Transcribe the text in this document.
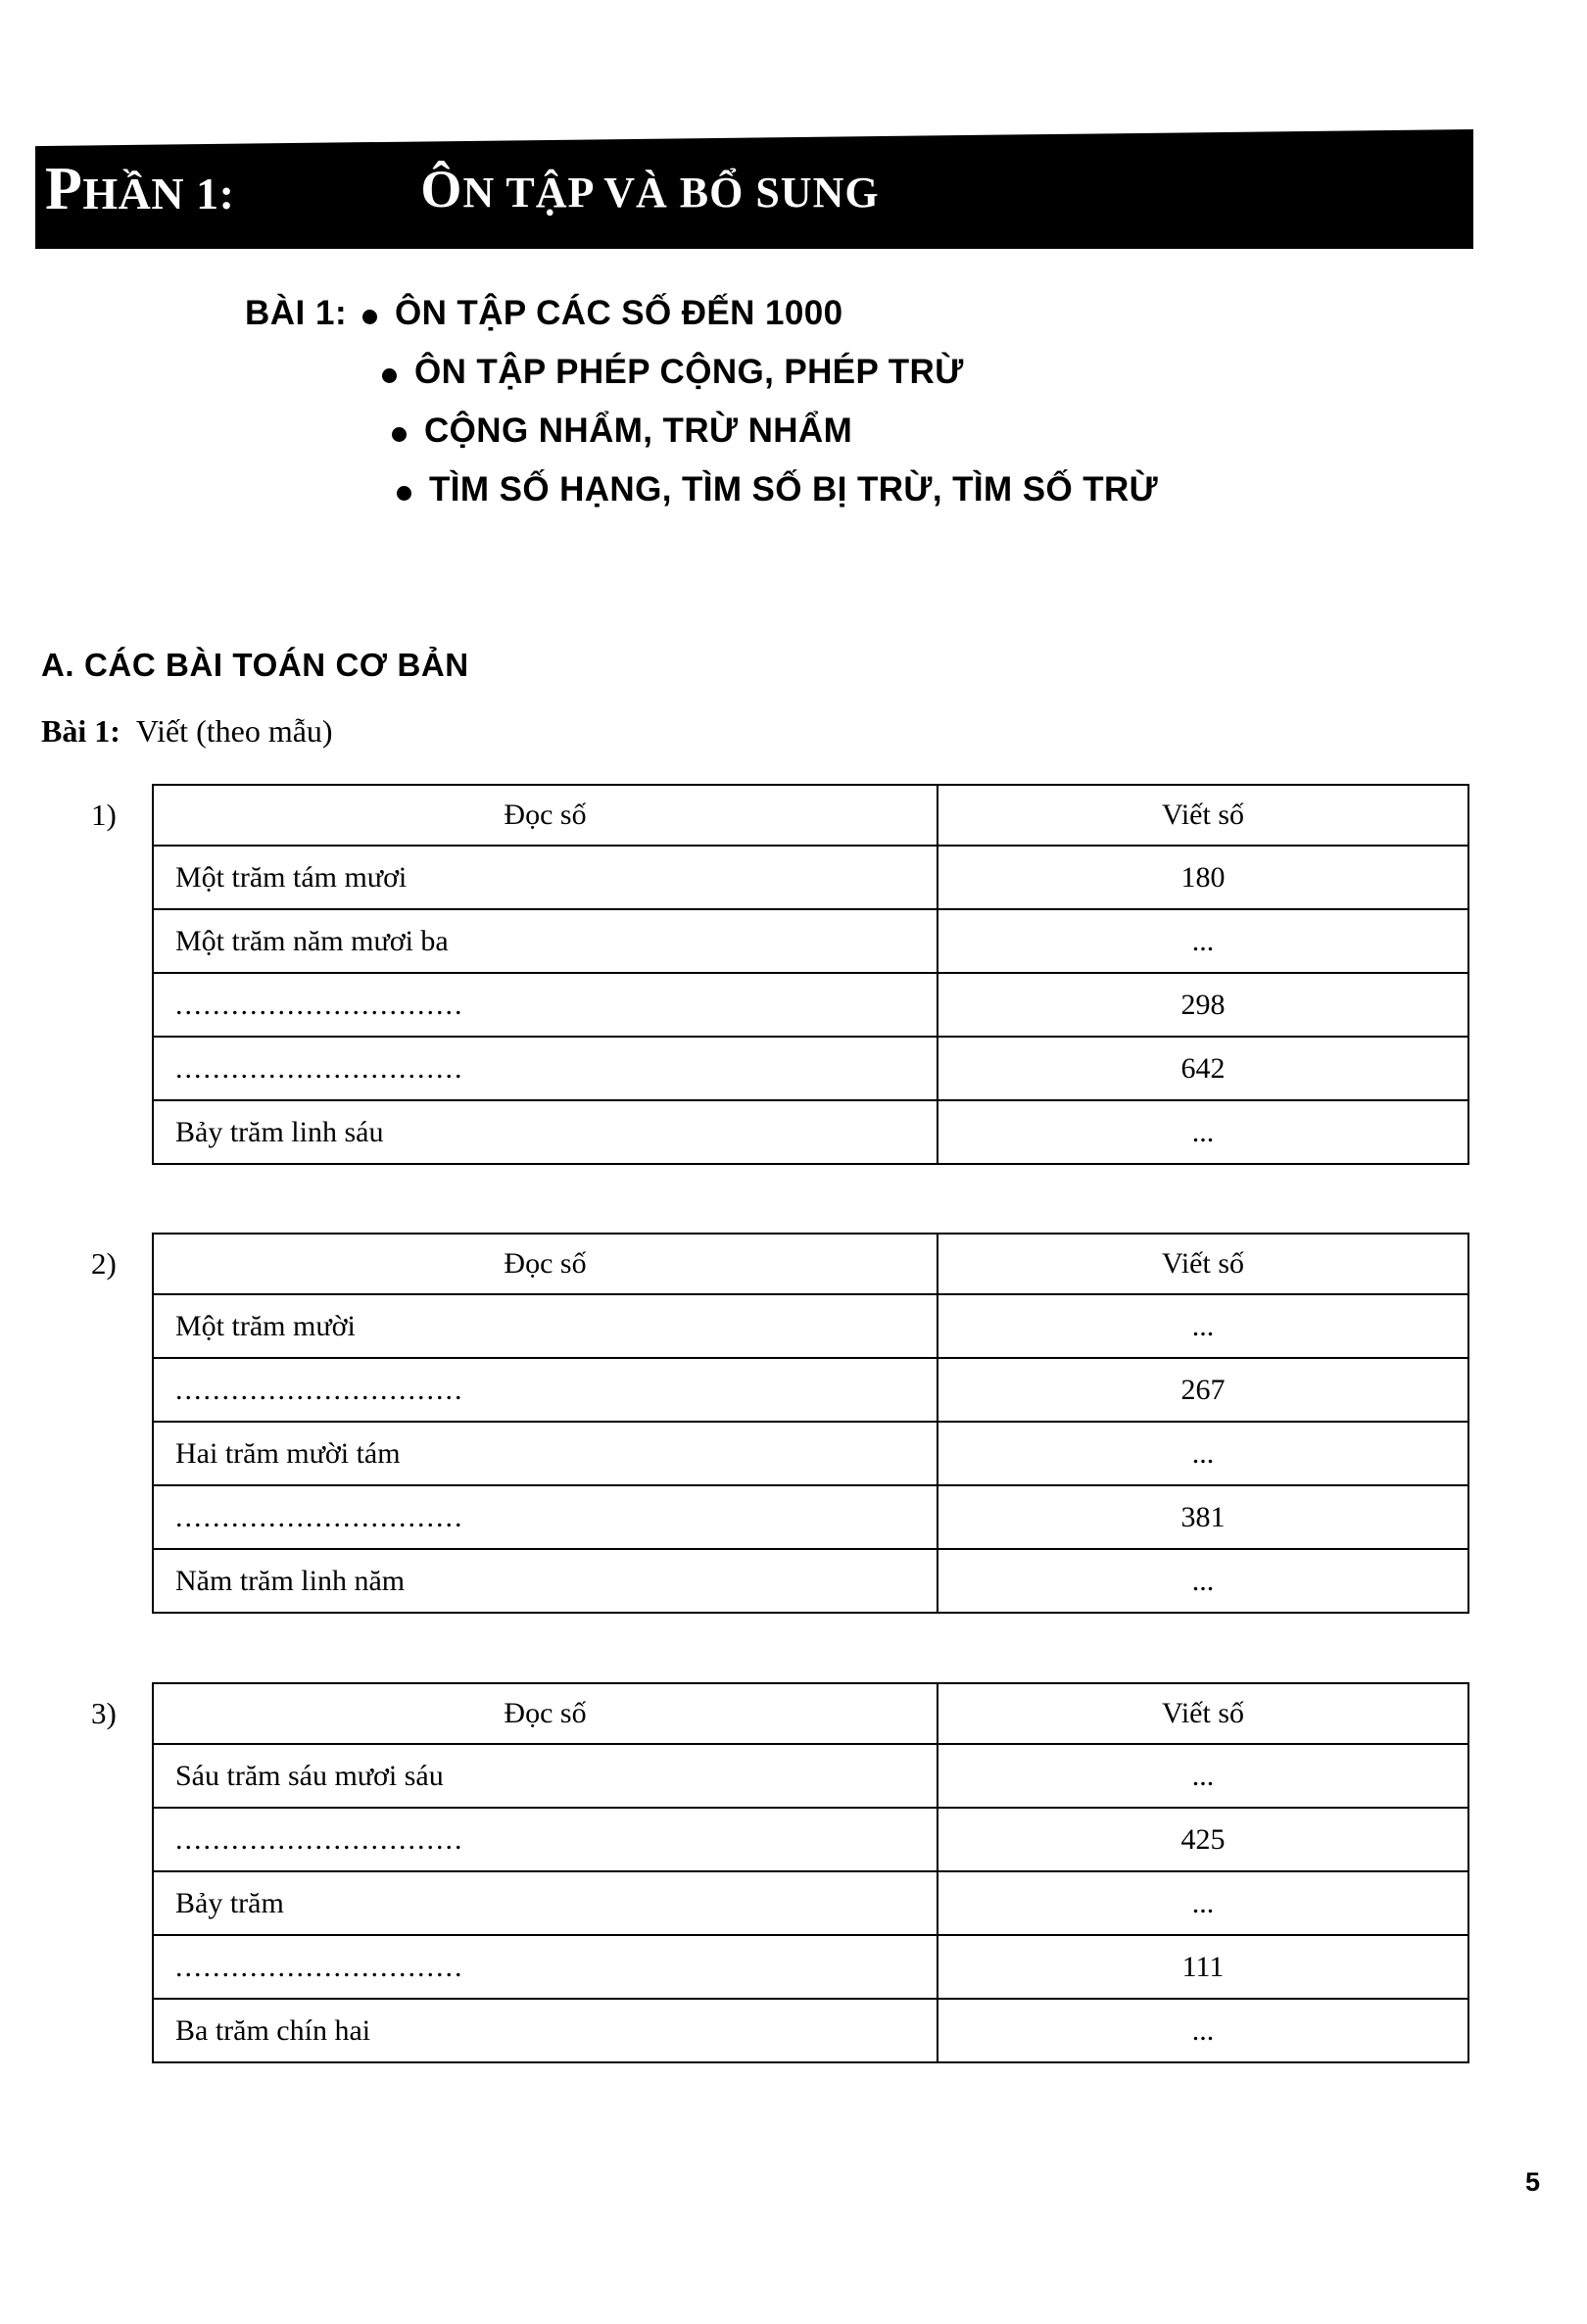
PHẦN 1:	ÔN TẬP VÀ BỔ SUNG
BÀI 1:	ÔN TẬP CÁC SỐ ĐẾN 1000
ÔN TẬP PHÉP CỘNG, PHÉP TRỪ
CỘNG NHẨM, TRỪ NHẨM
TÌM SỐ HẠNG, TÌM SỐ BỊ TRỪ, TÌM SỐ TRỪ
A. CÁC BÀI TOÁN CƠ BẢN
Bài 1: Viết (theo mẫu)
1)	Đọc số	Viết số
Một trăm tám mươi	180
Một trăm năm mươi ba	...
...............................	298
...............................	642
Bảy trăm linh sáu	...
2)	Đọc số	Viết số
Một trăm mười	...
...............................	267
Hai trăm mười tám	...
...............................	381
Năm trăm linh năm	...
3)	Đọc số	Viết số
Sáu trăm sáu mươi sáu	...
...............................	425
Bảy trăm	...
...............................	111
Ba trăm chín hai	...
5
